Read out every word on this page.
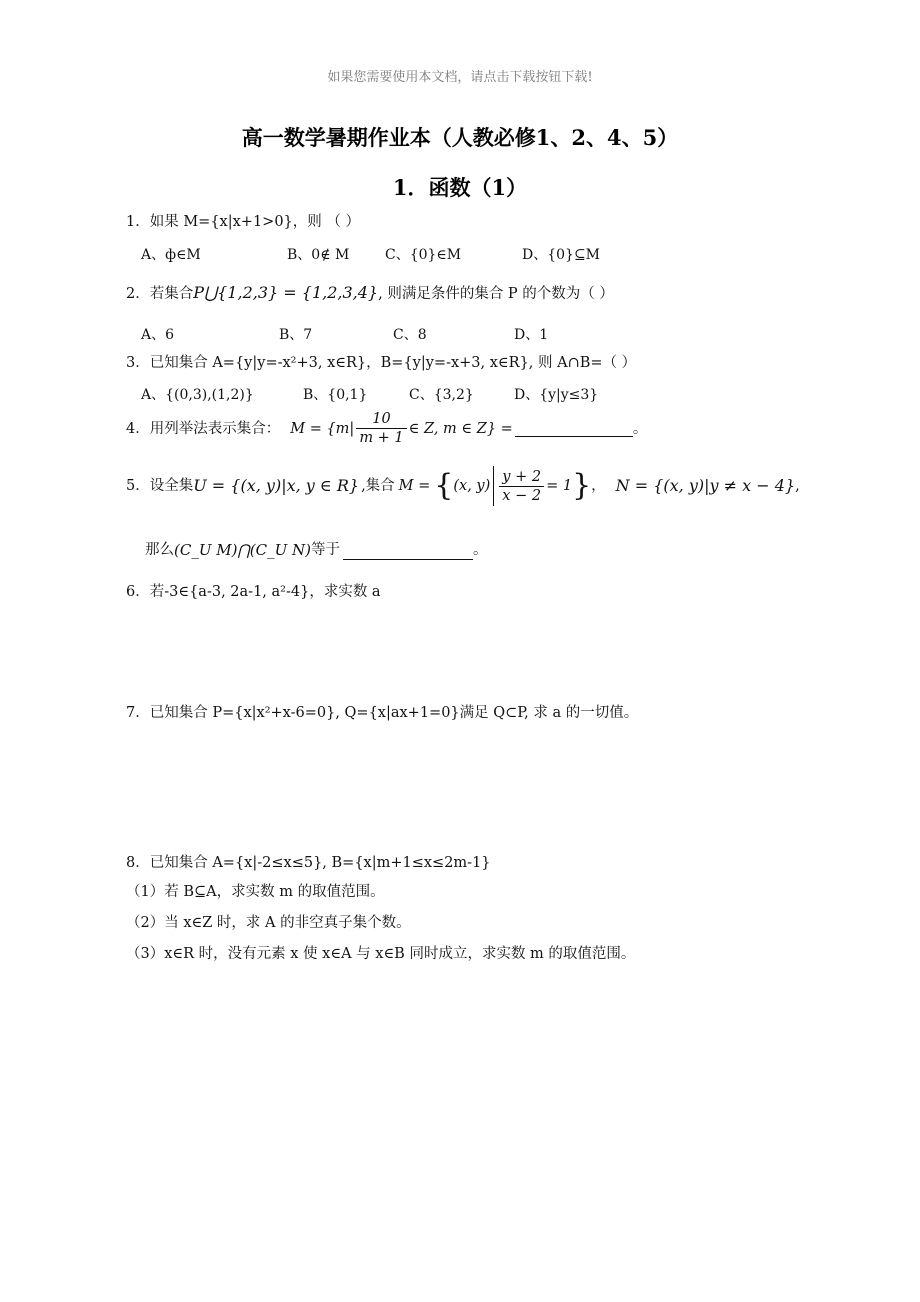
如果您需要使用本文档，请点击下载按钮下载!
高一数学暑期作业本（人教必修1、2、4、5）
1．函数（1）
1．如果 M={x|x+1>0}，则 （ ）
A、ф∈M	B、0∉ M	C、{0}∈M	D、{0}⊆M
2．若集合P⋃{1,2,3} = {1,2,3,4}, 则满足条件的集合 P 的个数为（ ）
A、6	B、7	C、8	D、1
3．已知集合 A={y|y=-x²+3, x∈R}，B={y|y=-x+3, x∈R}, 则 A∩B=（ ）
A、{(0,3),(1,2)}	B、{0,1}	C、{3,2}	D、{y|y≤3}
4．用列举法表示集合： $M = \{m| \frac{10}{m + 1}$ ∈ Z, m ∈ Z} =	。
5．设全集 U = {(x, y)|x, y ∈ R} ,集合 M = { (x, $y) \frac{y + 2}{x - 2} = 1$ } ， N = {(x, y)|y ≠ x − 4} ,
那么 (C_U M)⋂(C_U N) 等于	。
6．若-3∈{a-3, 2a-1, a²-4}，求实数 a
7．已知集合 P={x|x²+x-6=0}, Q={x|ax+1=0}满足 Q⊂P, 求 a 的一切值。
8．已知集合 A={x|-2≤x≤5}, B={x|m+1≤x≤2m-1}
（1）若 B⊆A，求实数 m 的取值范围。
（2）当 x∈Z 时，求 A 的非空真子集个数。
（3）x∈R 时，没有元素 x 使 x∈A 与 x∈B 同时成立，求实数 m 的取值范围。
